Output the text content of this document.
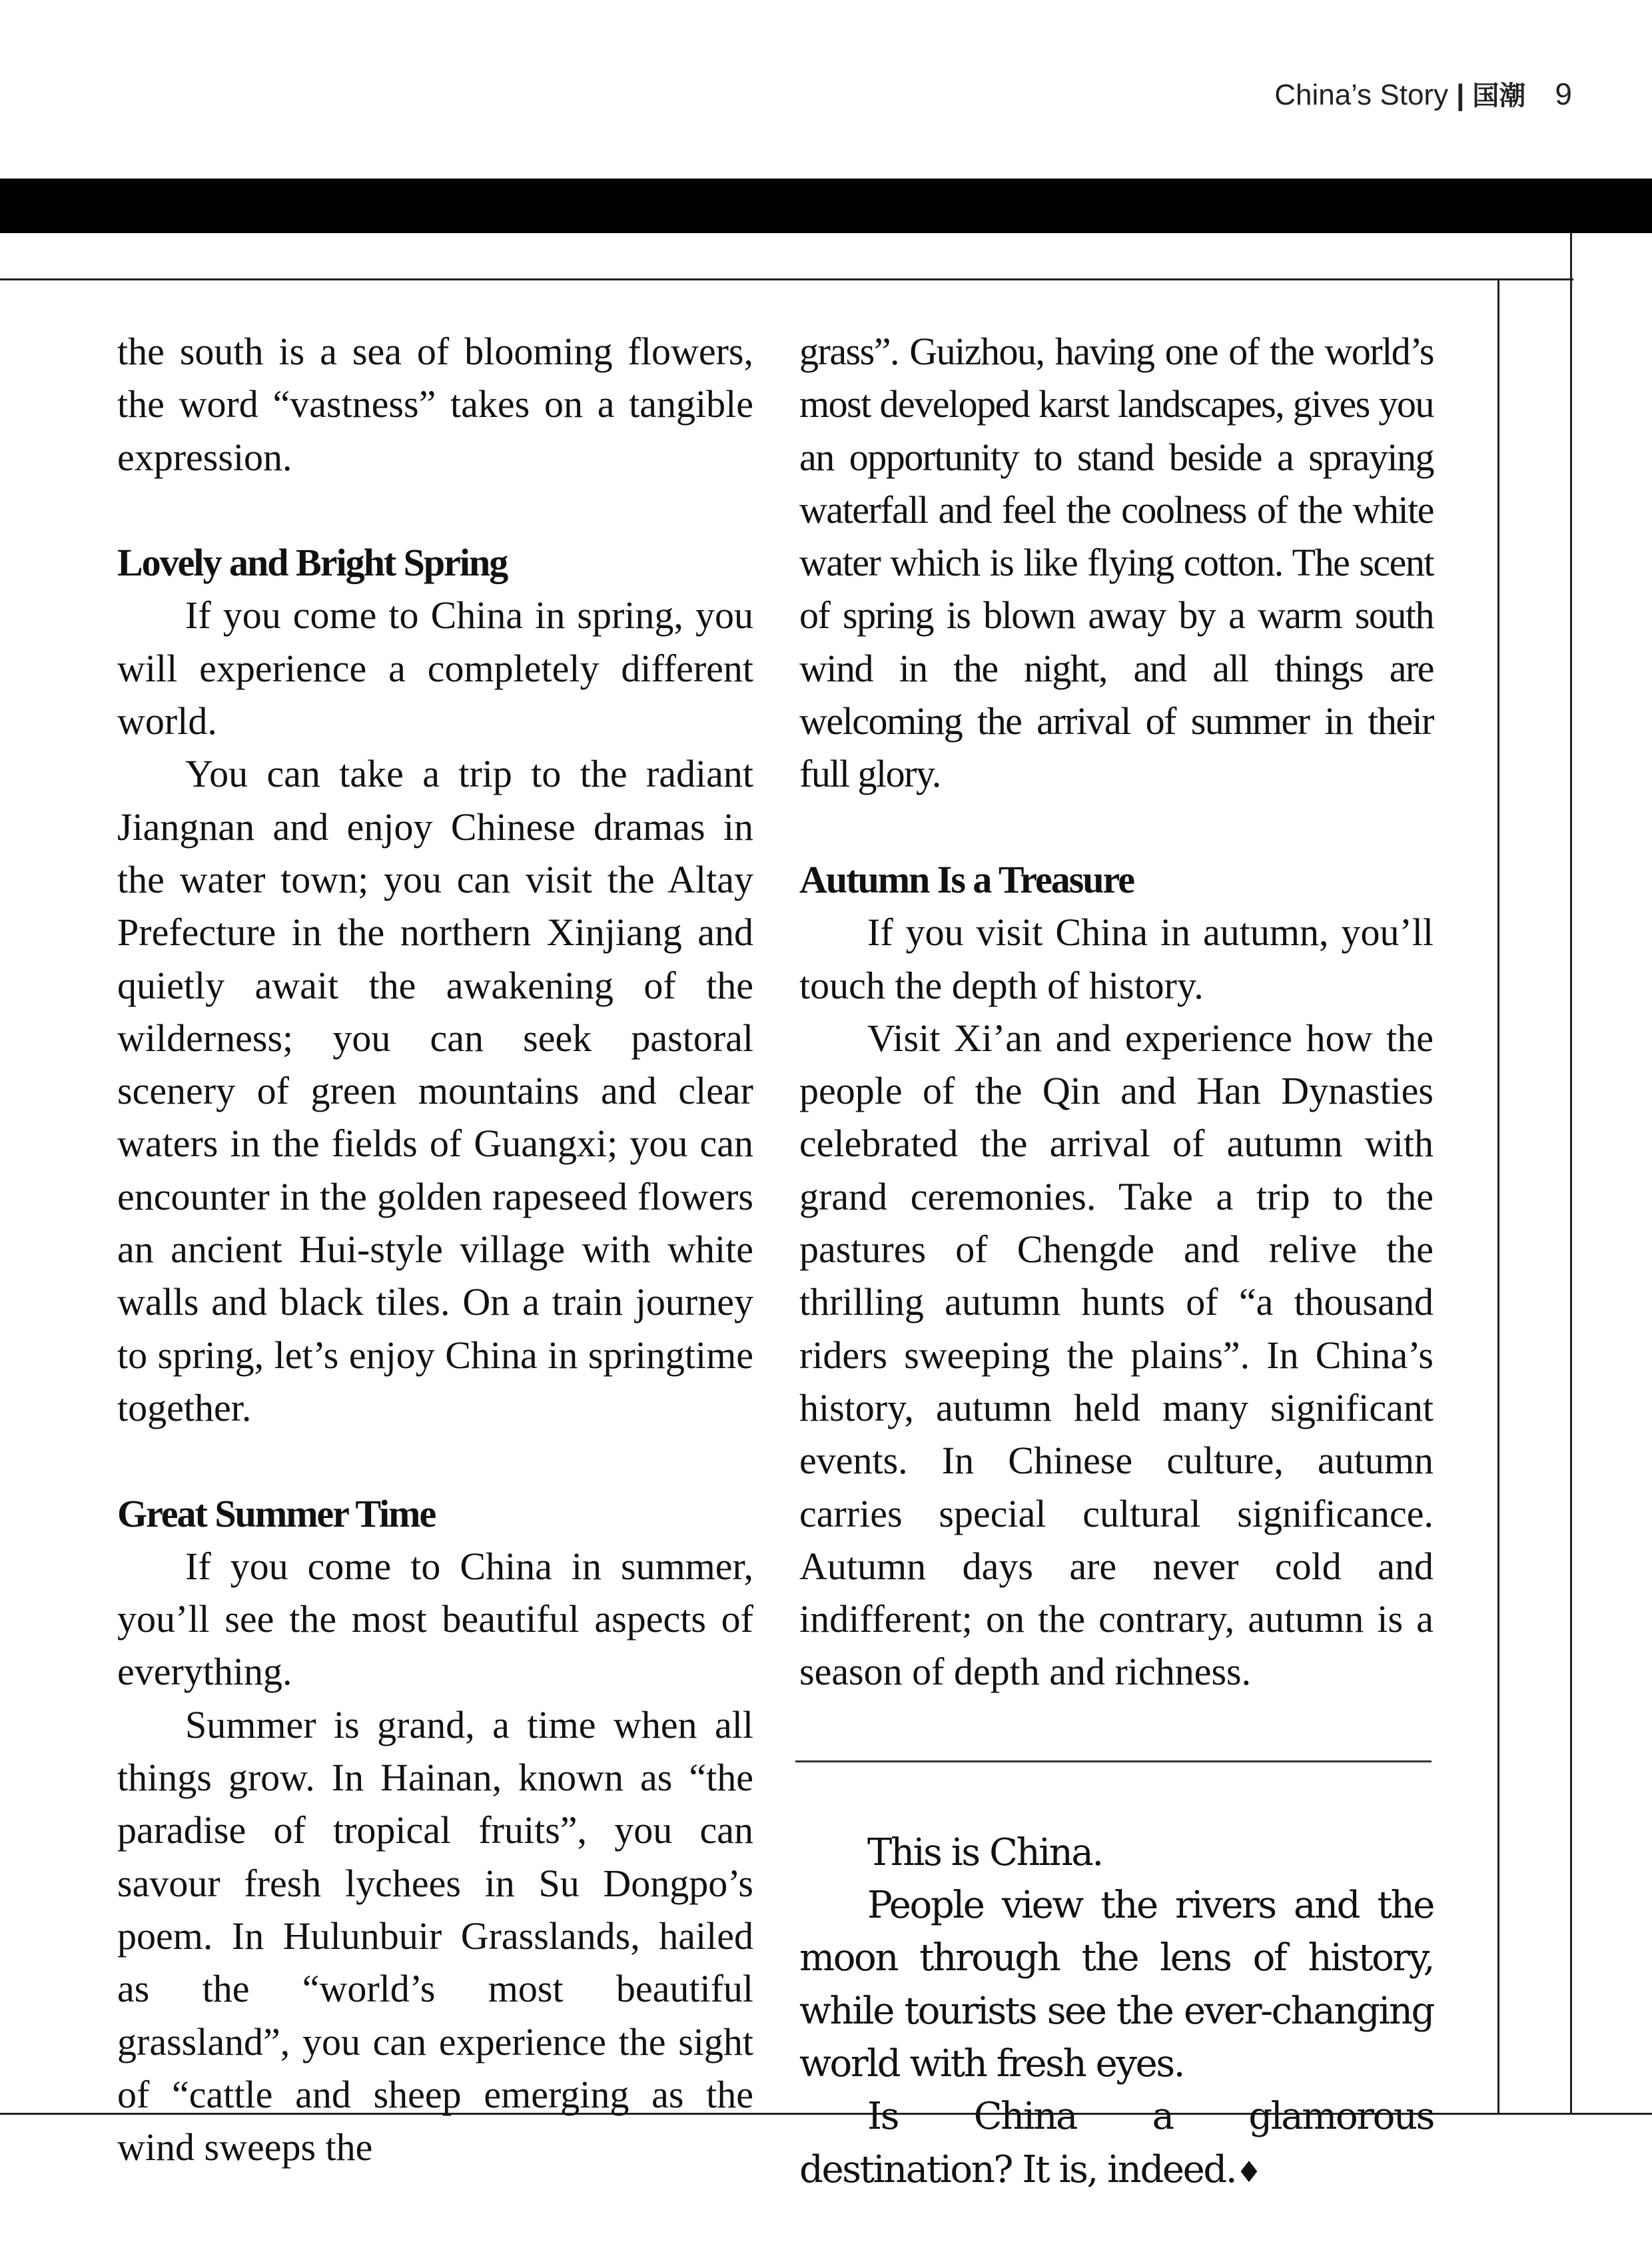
China’s Story | 国潮 9

the south is a sea of blooming flowers, the word “vastness” takes on a tangible expression.

Lovely and Bright Spring

If you come to China in spring, you will experience a completely different world.

You can take a trip to the radiant Jiangnan and enjoy Chinese dramas in the water town; you can visit the Altay Prefecture in the northern Xinjiang and quietly await the awakening of the wilderness; you can seek pastoral scenery of green mountains and clear waters in the fields of Guangxi; you can encounter in the golden rapeseed flowers an ancient Hui-style village with white walls and black tiles. On a train journey to spring, let’s enjoy China in springtime together.

Great Summer Time

If you come to China in summer, you’ll see the most beautiful aspects of everything.

Summer is grand, a time when all things grow. In Hainan, known as “the paradise of tropical fruits”, you can savour fresh lychees in Su Dongpo’s poem. In Hulunbuir Grasslands, hailed as the “world’s most beautiful grassland”, you can experience the sight of “cattle and sheep emerging as the wind sweeps the

grass”. Guizhou, having one of the world’s most developed karst landscapes, gives you an opportunity to stand beside a spraying waterfall and feel the coolness of the white water which is like flying cotton. The scent of spring is blown away by a warm south wind in the night, and all things are welcoming the arrival of summer in their full glory.

Autumn Is a Treasure

If you visit China in autumn, you’ll touch the depth of history.

Visit Xi’an and experience how the people of the Qin and Han Dynasties celebrated the arrival of autumn with grand ceremonies. Take a trip to the pastures of Chengde and relive the thrilling autumn hunts of “a thousand riders sweeping the plains”. In China’s history, autumn held many significant events. In Chinese culture, autumn carries special cultural significance. Autumn days are never cold and indifferent; on the contrary, autumn is a season of depth and richness.

This is China.

People view the rivers and the moon through the lens of history, while tourists see the ever-changing world with fresh eyes.

Is China a glamorous destination? It is, indeed.♦
